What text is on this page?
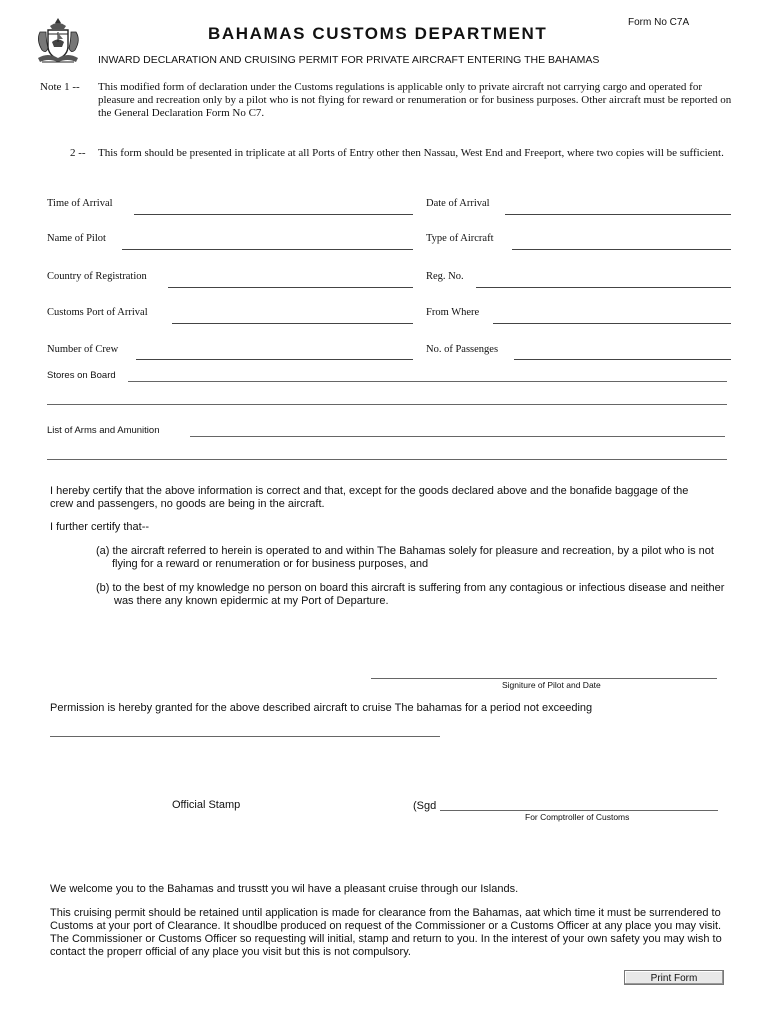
Form No C7A
BAHAMAS CUSTOMS DEPARTMENT
INWARD DECLARATION AND CRUISING PERMIT FOR PRIVATE AIRCRAFT ENTERING THE BAHAMAS
Note 1 -- This modified form of declaration under the Customs regulations is applicable only to private aircraft not carrying cargo and operated for pleasure and recreation only by a pilot who is not flying for reward or renumeration or for business purposes. Other aircraft must be reported on the General Declaration Form No C7.
2 -- This form should be presented in triplicate at all Ports of Entry other then Nassau, West End and Freeport, where two copies will be sufficient.
Time of Arrival
Name of Pilot
Country of Registration
Customs Port of Arrival
Number of Crew
Date of Arrival
Type of Aircraft
Reg. No.
From Where
No. of Passenges
Stores on Board
List of Arms and Amunition
I hereby certify that the above information is correct and that, except for the goods declared above and the bonafide baggage of the crew and passengers, no goods are being in the aircraft.
I further certify that--
(a) the aircraft referred to herein is operated to and within The Bahamas solely for pleasure and recreation, by a pilot who is not flying for a reward or renumeration or for business purposes, and
(b) to the best of my knowledge no person on board this aircraft is suffering from any contagious or infectious disease and neither was there any known epidermic at my Port of Departure.
Signiture of Pilot and Date
Permission is hereby granted for the above described aircraft to cruise The bahamas for a period not exceeding
Official Stamp	(Sgd
For Comptroller of Customs
We welcome you to the Bahamas and trusstt you wil have a pleasant cruise through our Islands.
This cruising permit should be retained until application is made for clearance from the Bahamas, aat which time it must be surrendered to Customs at your port of Clearance. It shoudlbe produced on request of the Commissioner or a Customs Officer at any place you may visit. The Commissioner or Customs Officer so requesting will initial, stamp and return to you. In the interest of your own safety you may wish to contact the properr official of any place you visit but this is not compulsory.
Print Form
